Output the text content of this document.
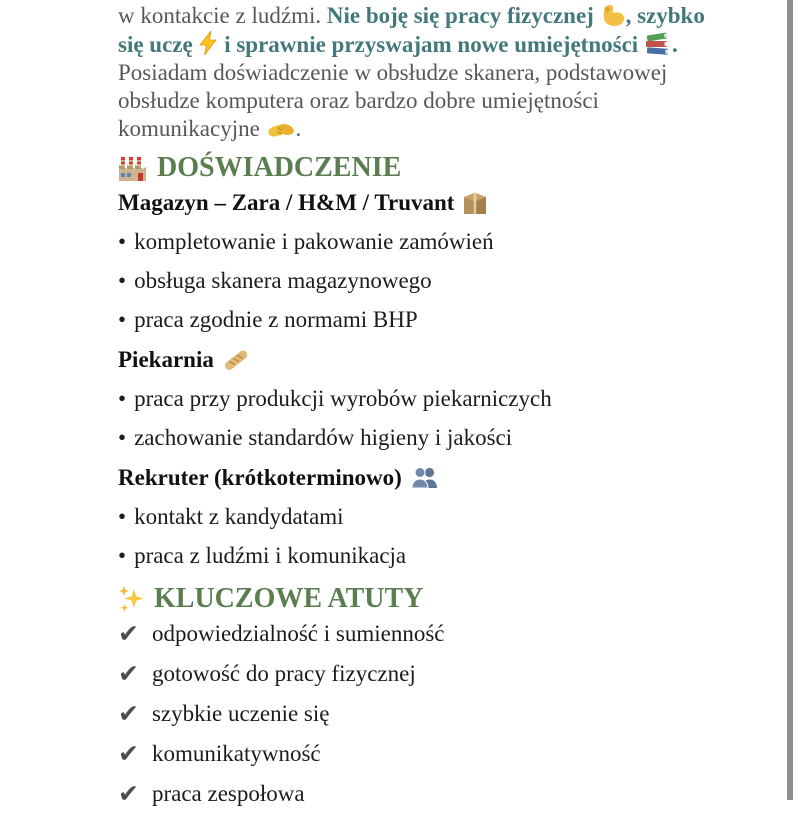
w kontakcie z ludźmi. Nie boję się pracy fizycznej
, szybko się uczę
i sprawnie przyswajam nowe umiejętności
. Posiadam doświadczenie w obsłudze skanera, podstawowej obsłudze komputera oraz bardzo dobre umiejętności komunikacyjne
.

DOŚWIADCZENIE

Magazyn – Zara / H&M / Truvant

• kompletowanie i pakowanie zamówień

• obsługa skanera magazynowego

• praca zgodnie z normami BHP

Piekarnia

• praca przy produkcji wyrobów piekarniczych

• zachowanie standardów higieny i jakości

Rekruter (krótkoterminowo)

• kontakt z kandydatami

• praca z ludźmi i komunikacja

KLUCZOWE ATUTY

✔ odpowiedzialność i sumienność

✔ gotowość do pracy fizycznej

✔ szybkie uczenie się

✔ komunikatywność

✔ praca zespołowa
